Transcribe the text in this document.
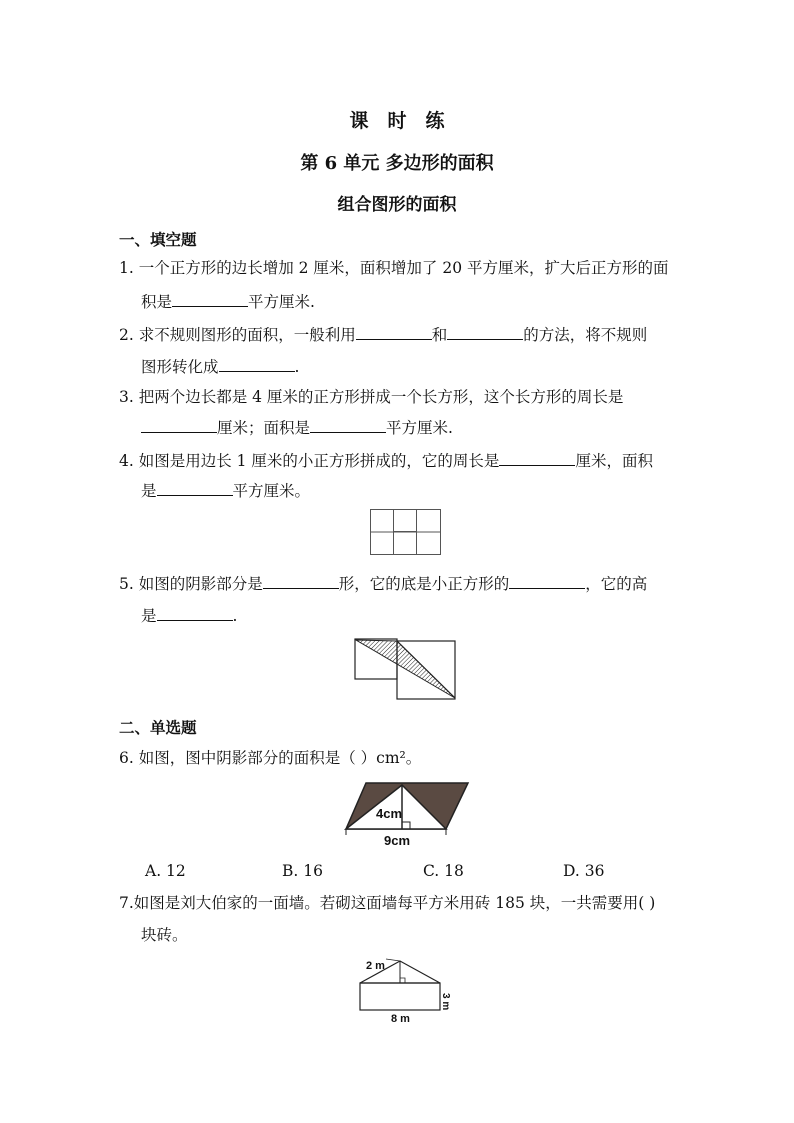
课　时　练
第 6 单元 多边形的面积
组合图形的面积
一、填空题
1. 一个正方形的边长增加 2 厘米，面积增加了 20 平方厘米，扩大后正方形的面
积是	平方厘米.
2. 求不规则图形的面积，一般利用	和	的方法，将不规则
图形转化成	.
3. 把两个边长都是 4 厘米的正方形拼成一个长方形，这个长方形的周长是
厘米；面积是	平方厘米.
4. 如图是用边长 1 厘米的小正方形拼成的，它的周长是	厘米，面积
是	平方厘米。
5. 如图的阴影部分是	形，它的底是小正方形的	，它的高
是	.
二、单选题
6. 如图，图中阴影部分的面积是（ ）cm²。
4cm
9cm
A. 12	B. 16	C. 18	D. 36
7.如图是刘大伯家的一面墙。若砌这面墙每平方米用砖 185 块，一共需要用( )
块砖。
2 m
3 m
8 m
